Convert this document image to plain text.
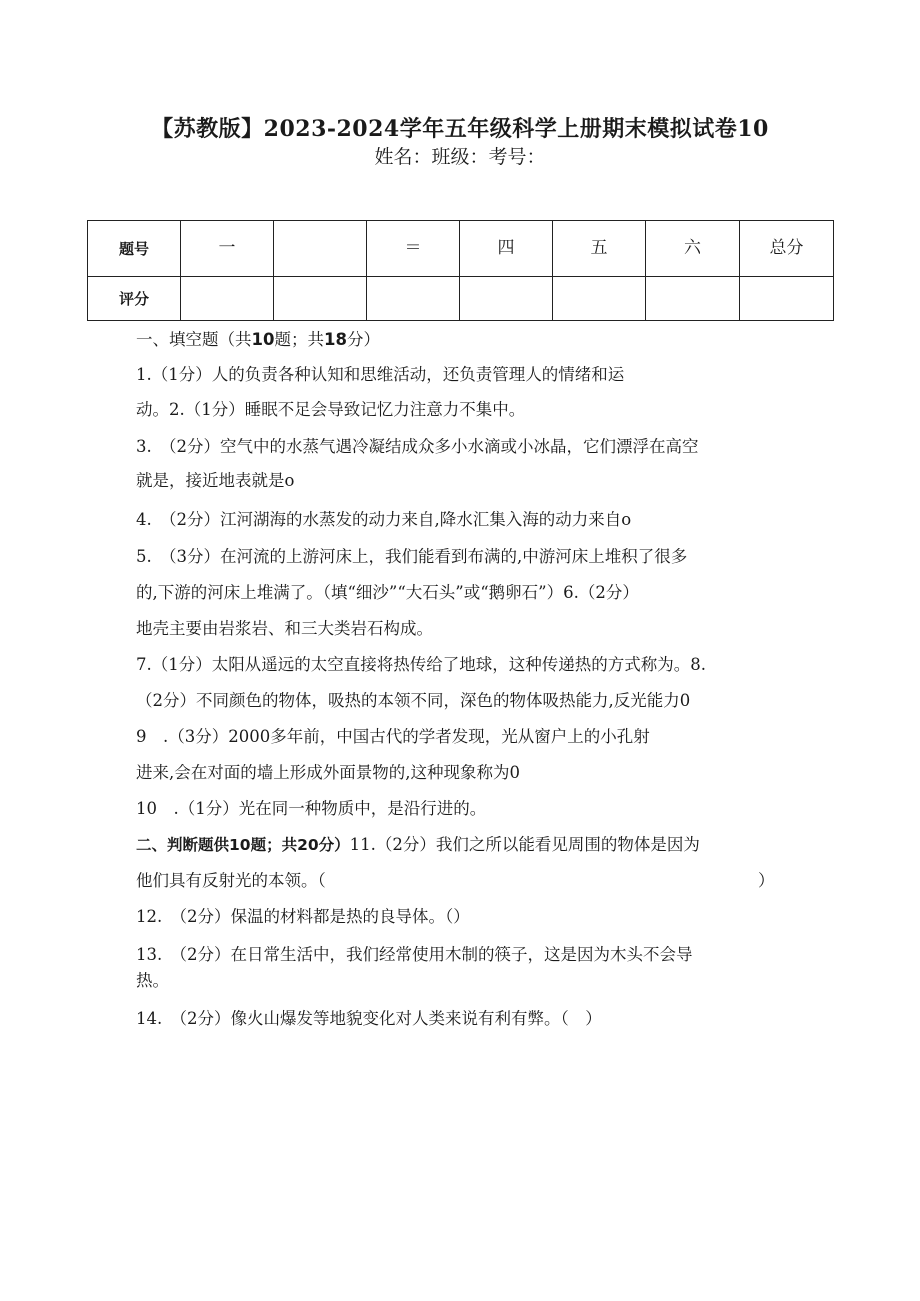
【苏教版】2023-2024学年五年级科学上册期末模拟试卷10
姓名：班级：考号：
题号	一		＝	四	五	六	总分
评分							
一、填空题（共10题；共18分）
1.（1分）人的负责各种认知和思维活动，还负责管理人的情绪和运
动。2.（1分）睡眠不足会导致记忆力注意力不集中。
3.　（2分）空气中的水蒸气遇冷凝结成众多小水滴或小冰晶，它们漂浮在高空
就是，接近地表就是o
4.　（2分）江河湖海的水蒸发的动力来自,降水汇集入海的动力来自o
5.　（3分）在河流的上游河床上，我们能看到布满的,中游河床上堆积了很多
的,下游的河床上堆满了。（填“细沙”“大石头”或“鹅卵石”）6.（2分）
地壳主要由岩浆岩、和三大类岩石构成。
7.（1分）太阳从遥远的太空直接将热传给了地球，这种传递热的方式称为。8.
（2分）不同颜色的物体，吸热的本领不同，深色的物体吸热能力,反光能力0
9　.（3分）2000多年前，中国古代的学者发现，光从窗户上的小孔射
进来,会在对面的墙上形成外面景物的,这种现象称为0
10　.（1分）光在同一种物质中，是沿行进的。
二、判断题供10题；共20分）11.（2分）我们之所以能看见周围的物体是因为
他们具有反射光的本领。（	）
12.　（2分）保温的材料都是热的良导体。（）
13.　（2分）在日常生活中，我们经常使用木制的筷子，这是因为木头不会导
热。
14.　（2分）像火山爆发等地貌变化对人类来说有利有弊。（　）
